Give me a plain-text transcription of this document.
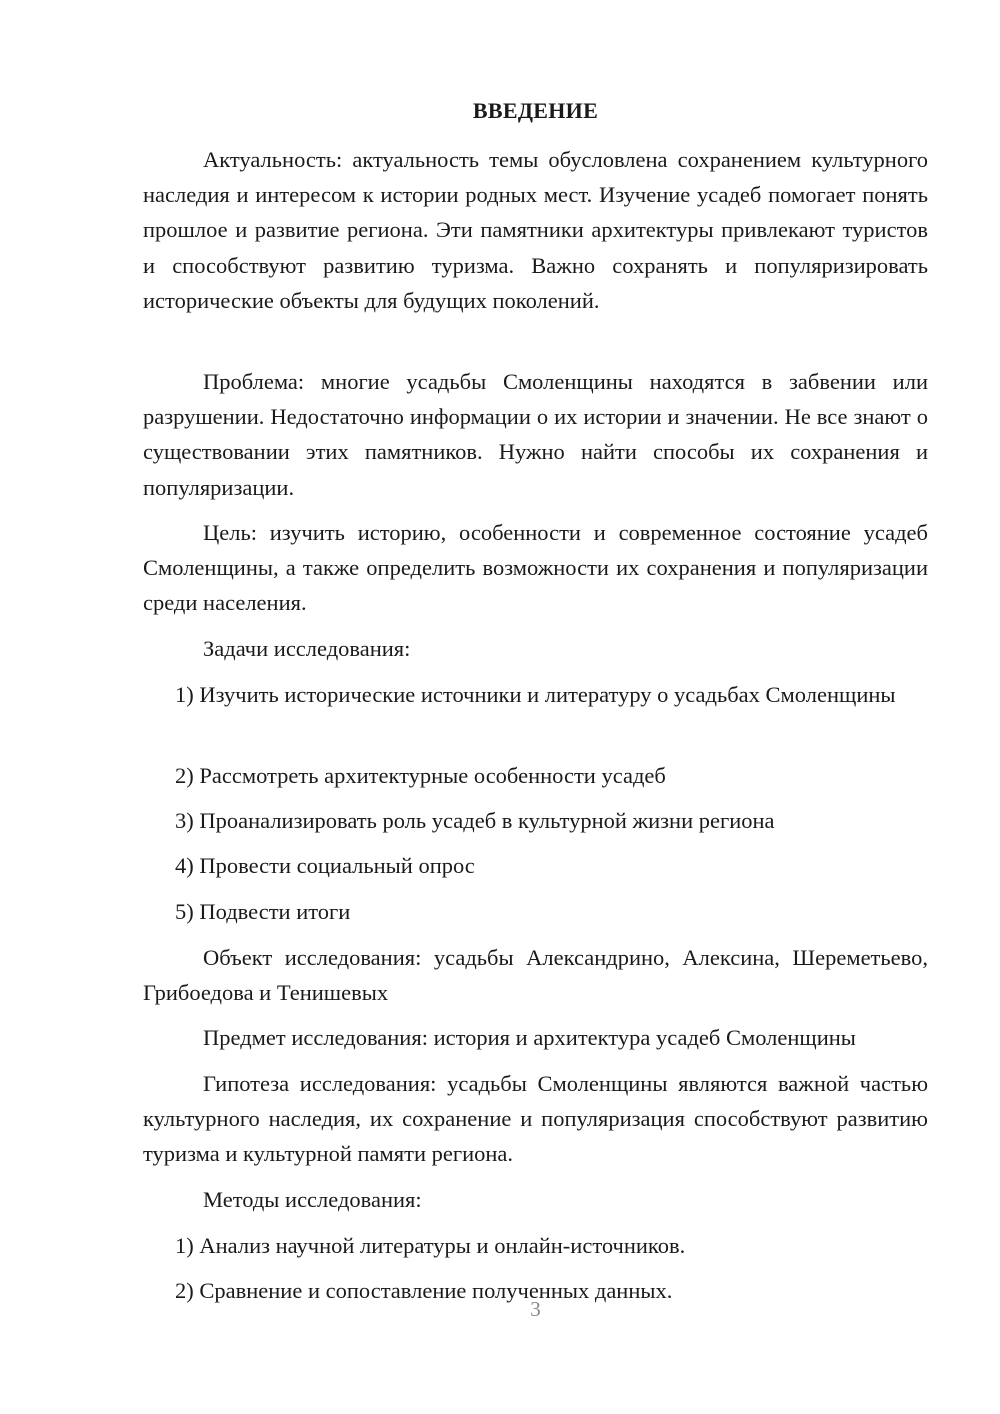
ВВЕДЕНИЕ

Актуальность: актуальность темы обусловлена сохранением культурного наследия и интересом к истории родных мест. Изучение усадеб помогает понять прошлое и развитие региона. Эти памятники архитектуры привлекают туристов и способствуют развитию туризма. Важно сохранять и популяризировать исторические объекты для будущих поколений.

Проблема: многие усадьбы Смоленщины находятся в забвении или разрушении. Недостаточно информации о их истории и значении. Не все знают о существовании этих памятников. Нужно найти способы их сохранения и популяризации.

Цель: изучить историю, особенности и современное состояние усадеб Смоленщины, а также определить возможности их сохранения и популяризации среди населения.

Задачи исследования:

1) Изучить исторические источники и литературу о усадьбах Смоленщины

2) Рассмотреть архитектурные особенности усадеб

3) Проанализировать роль усадеб в культурной жизни региона

4) Провести социальный опрос

5) Подвести итоги

Объект исследования: усадьбы Александрино, Алексина, Шереметьево, Грибоедова и Тенишевых

Предмет исследования: история и архитектура усадеб Смоленщины

Гипотеза исследования: усадьбы Смоленщины являются важной частью культурного наследия, их сохранение и популяризация способствуют развитию туризма и культурной памяти региона.

Методы исследования:

1) Анализ научной литературы и онлайн-источников.

2) Сравнение и сопоставление полученных данных.

3
